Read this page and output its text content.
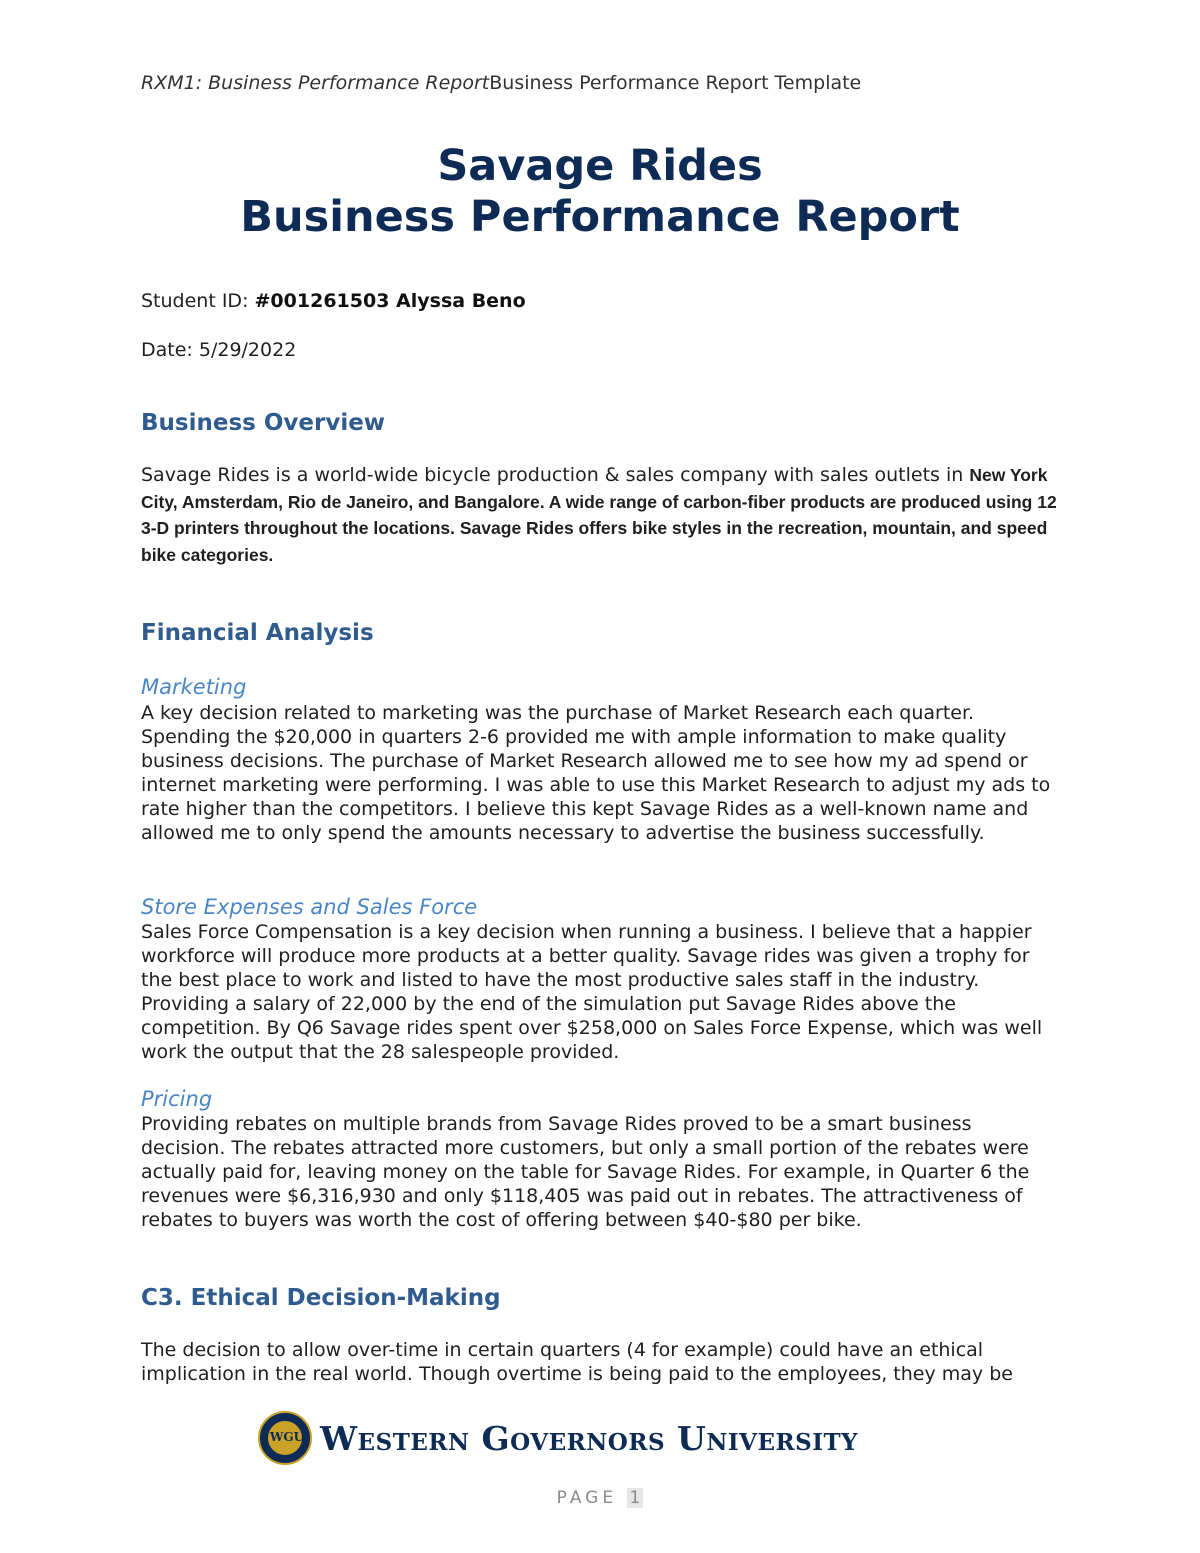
RXM1: Business Performance ReportBusiness Performance Report Template
Savage Rides
Business Performance Report
Student ID: #001261503 Alyssa Beno
Date: 5/29/2022
Business Overview
Savage Rides is a world-wide bicycle production & sales company with sales outlets in New York City, Amsterdam, Rio de Janeiro, and Bangalore. A wide range of carbon-fiber products are produced using 12 3-D printers throughout the locations. Savage Rides offers bike styles in the recreation, mountain, and speed bike categories.
Financial Analysis
Marketing
A key decision related to marketing was the purchase of Market Research each quarter. Spending the $20,000 in quarters 2-6 provided me with ample information to make quality business decisions. The purchase of Market Research allowed me to see how my ad spend or internet marketing were performing. I was able to use this Market Research to adjust my ads to rate higher than the competitors. I believe this kept Savage Rides as a well-known name and allowed me to only spend the amounts necessary to advertise the business successfully.
Store Expenses and Sales Force
Sales Force Compensation is a key decision when running a business. I believe that a happier workforce will produce more products at a better quality. Savage rides was given a trophy for the best place to work and listed to have the most productive sales staff in the industry. Providing a salary of 22,000 by the end of the simulation put Savage Rides above the competition. By Q6 Savage rides spent over $258,000 on Sales Force Expense, which was well work the output that the 28 salespeople provided.
Pricing
Providing rebates on multiple brands from Savage Rides proved to be a smart business decision. The rebates attracted more customers, but only a small portion of the rebates were actually paid for, leaving money on the table for Savage Rides. For example, in Quarter 6 the revenues were $6,316,930 and only $118,405 was paid out in rebates. The attractiveness of rebates to buyers was worth the cost of offering between $40-$80 per bike.
C3. Ethical Decision-Making
The decision to allow over-time in certain quarters (4 for example) could have an ethical implication in the real world. Though overtime is being paid to the employees, they may be
WGU Western Governors University
PAGE 1
